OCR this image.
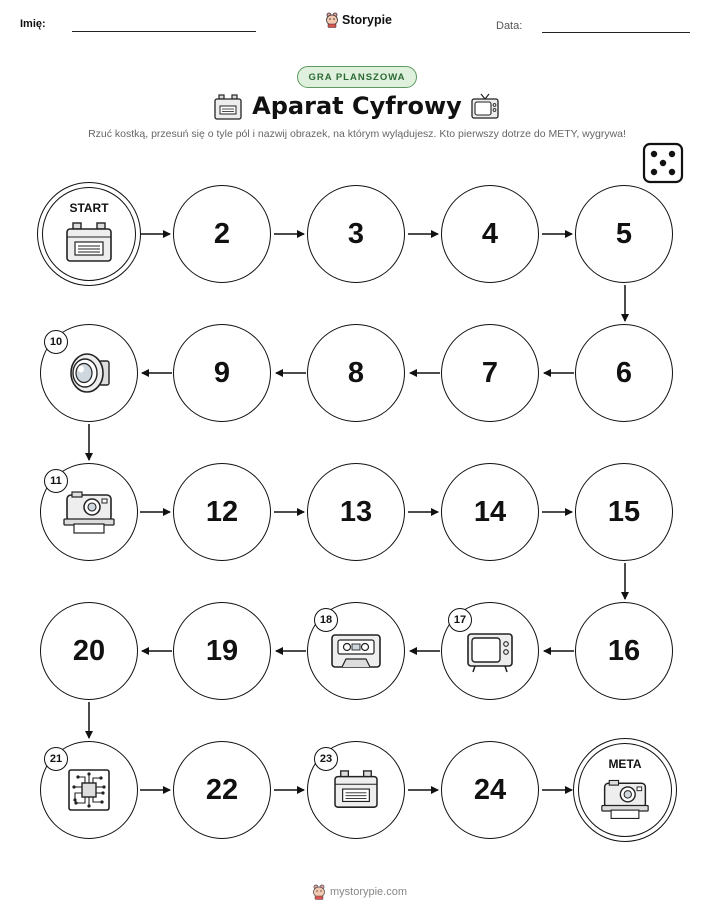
Imię:	Storypie	Data:
GRA PLANSZOWA
Aparat Cyfrowy
Rzuć kostką, przesuń się o tyle pól i nazwij obrazek, na którym wylądujesz. Kto pierwszy dotrze do METY, wygrywa!
START
2	3	4	5
9	8	7	6
12	13	14	15
20	19	16
22	24
META
10
11
17
18
21	23
mystorypie.com
